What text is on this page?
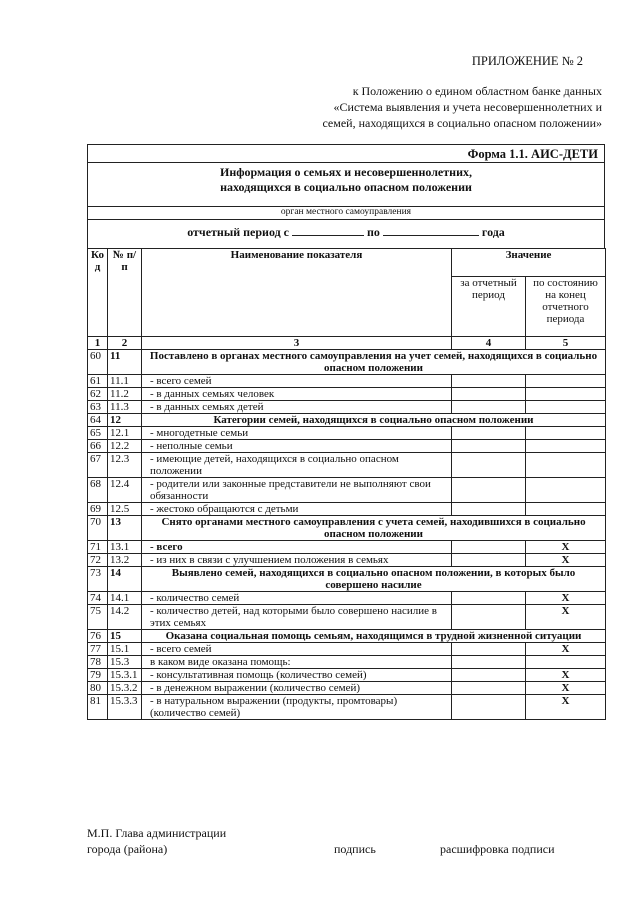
ПРИЛОЖЕНИЕ № 2
к Положению о едином областном банке данных
«Система выявления и учета несовершеннолетних и
семей, находящихся в социально опасном положении»
Форма 1.1. АИС-ДЕТИ
Информация о семьях и несовершеннолетних,
находящихся в социально опасном положении
орган местного самоуправления
отчетный период с	по	года
Ко д	№ п/п	Наименование показателя	Значение	
			за отчетный период	по состоянию на конец отчетного периода
1	2	3	4	5
60	11	Поставлено в органах местного самоуправления на учет семей, находящихся в социально опасном положении		
61	11.1	- всего семей		
62	11.2	- в данных семьях человек		
63	11.3	- в данных семьях детей		
64	12	Категории семей, находящихся в социально опасном положении		
65	12.1	- многодетные семьи		
66	12.2	- неполные семьи		
67	12.3	- имеющие детей, находящихся в социально опасном положении		
68	12.4	- родители или законные представители не выполняют свои обязанности		
69	12.5	- жестоко обращаются с детьми		
70	13	Снято органами местного самоуправления с учета семей, находившихся в социально опасном положении		
71	13.1	- всего		X
72	13.2	- из них в связи с улучшением положения в семьях		X
73	14	Выявлено семей, находящихся в социально опасном положении, в которых было совершено насилие		
74	14.1	- количество семей		X
75	14.2	- количество детей, над которыми было совершено насилие в этих семьях		X
76	15	Оказана социальная помощь семьям, находящимся в трудной жизненной ситуации		
77	15.1	- всего семей		X
78	15.3	в каком виде оказана помощь:		
79	15.3.1	- консультативная помощь (количество семей)		X
80	15.3.2	- в денежном выражении (количество семей)		X
81	15.3.3	- в натуральном выражении (продукты, промтовары) (количество семей)		X
М.П. Глава администрации
города (района)	подпись	расшифровка подписи
